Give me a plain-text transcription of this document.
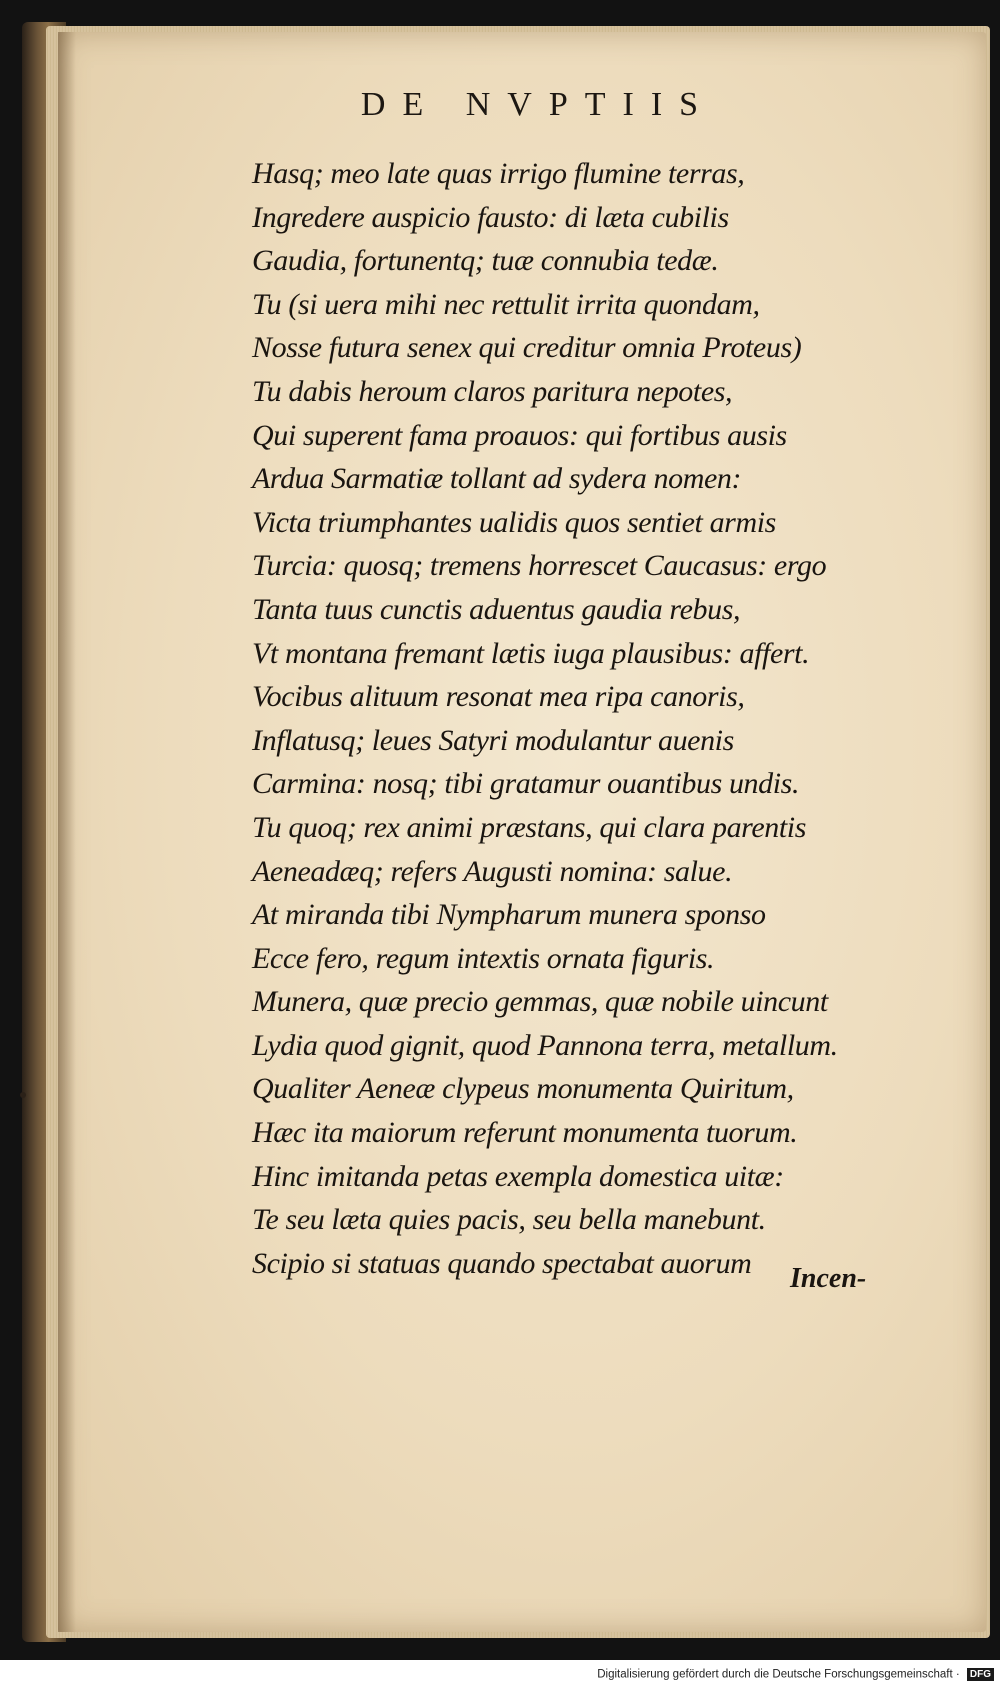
DE NVPTIIS
Hasq; meo late quas irrigo flumine terras,
Ingredere auspicio fausto: di læta cubilis
Gaudia, fortunentq; tuæ connubia tedæ.
Tu (si uera mihi nec rettulit irrita quondam,
Nosse futura senex qui creditur omnia Proteus)
Tu dabis heroum claros paritura nepotes,
Qui superent fama proauos: qui fortibus ausis
Ardua Sarmatiæ tollant ad sydera nomen:
Victa triumphantes ualidis quos sentiet armis
Turcia: quosq; tremens horrescet Caucasus: ergo
Tanta tuus cunctis aduentus gaudia rebus,
Vt montana fremant lætis iuga plausibus: affert.
Vocibus alituum resonat mea ripa canoris,
Inflatusq; leues Satyri modulantur auenis
Carmina: nosq; tibi gratamur ouantibus undis.
Tu quoq; rex animi præstans, qui clara parentis
Aeneadæq; refers Augusti nomina: salue.
At miranda tibi Nympharum munera sponso
Ecce fero, regum intextis ornata figuris.
Munera, quæ precio gemmas, quæ nobile uincunt
Lydia quod gignit, quod Pannona terra, metallum.
Qualiter Aeneæ clypeus monumenta Quiritum,
Hæc ita maiorum referunt monumenta tuorum.
Hinc imitanda petas exempla domestica uitæ:
Te seu læta quies pacis, seu bella manebunt.
Scipio si statuas quando spectabat auorum	Incen-
Digitalisierung gefördert durch die Deutsche Forschungsgemeinschaft · DFG
